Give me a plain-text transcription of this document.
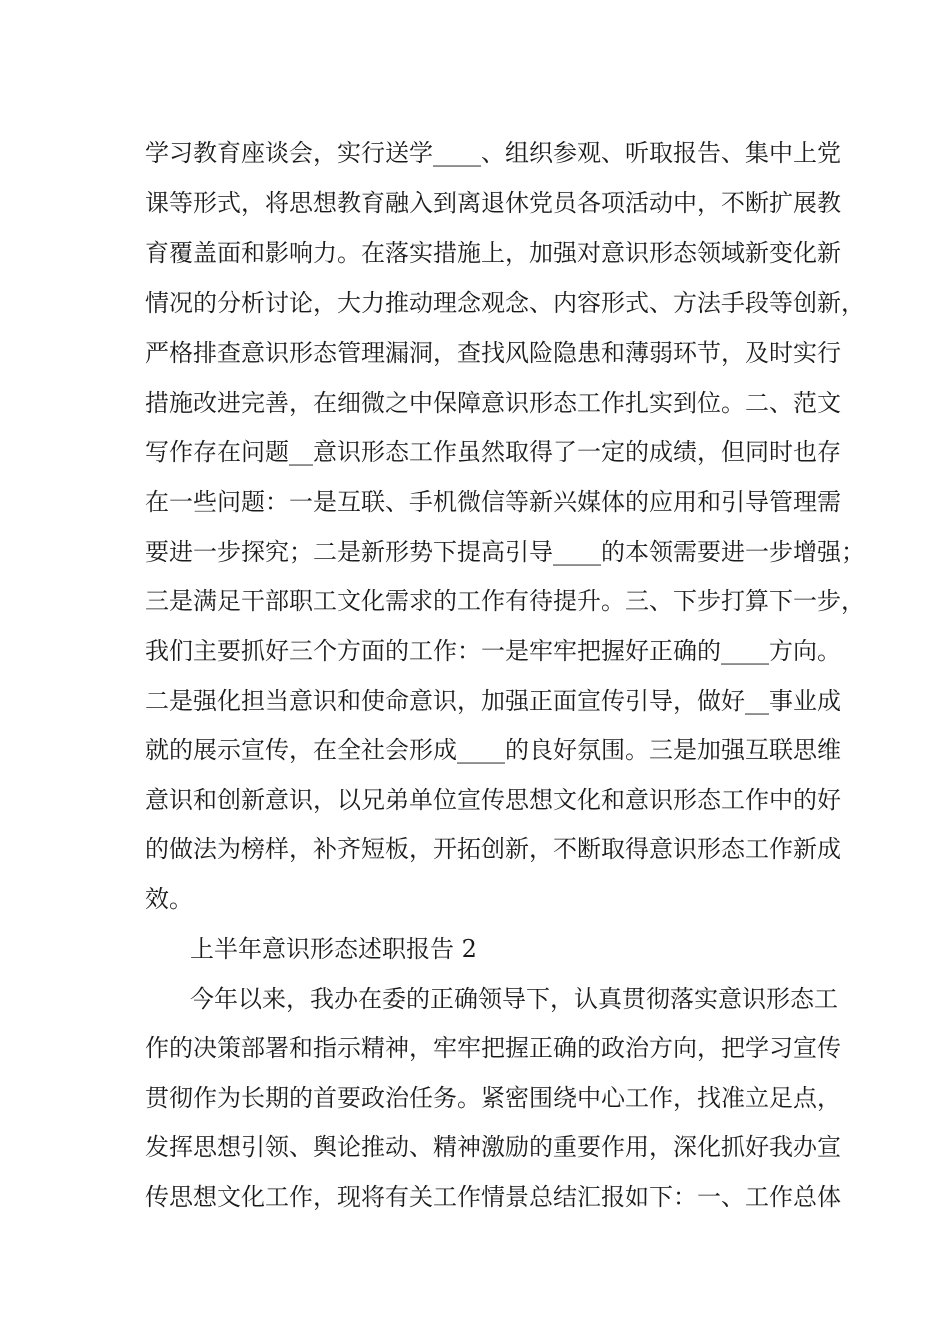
学习教育座谈会，实行送学____、组织参观、听取报告、集中上党
课等形式，将思想教育融入到离退休党员各项活动中，不断扩展教
育覆盖面和影响力。在落实措施上，加强对意识形态领域新变化新
情况的分析讨论，大力推动理念观念、内容形式、方法手段等创新，
严格排查意识形态管理漏洞，查找风险隐患和薄弱环节，及时实行
措施改进完善，在细微之中保障意识形态工作扎实到位。二、范文
写作存在问题__意识形态工作虽然取得了一定的成绩，但同时也存
在一些问题：一是互联、手机微信等新兴媒体的应用和引导管理需
要进一步探究；二是新形势下提高引导____的本领需要进一步增强；
三是满足干部职工文化需求的工作有待提升。三、下步打算下一步，
我们主要抓好三个方面的工作：一是牢牢把握好正确的____方向。
二是强化担当意识和使命意识，加强正面宣传引导，做好__事业成
就的展示宣传，在全社会形成____的良好氛围。三是加强互联思维
意识和创新意识，以兄弟单位宣传思想文化和意识形态工作中的好
的做法为榜样，补齐短板，开拓创新，不断取得意识形态工作新成
效。
上半年意识形态述职报告 2
今年以来，我办在委的正确领导下，认真贯彻落实意识形态工
作的决策部署和指示精神，牢牢把握正确的政治方向，把学习宣传
贯彻作为长期的首要政治任务。紧密围绕中心工作，找准立足点，
发挥思想引领、舆论推动、精神激励的重要作用，深化抓好我办宣
传思想文化工作，现将有关工作情景总结汇报如下：一、工作总体
